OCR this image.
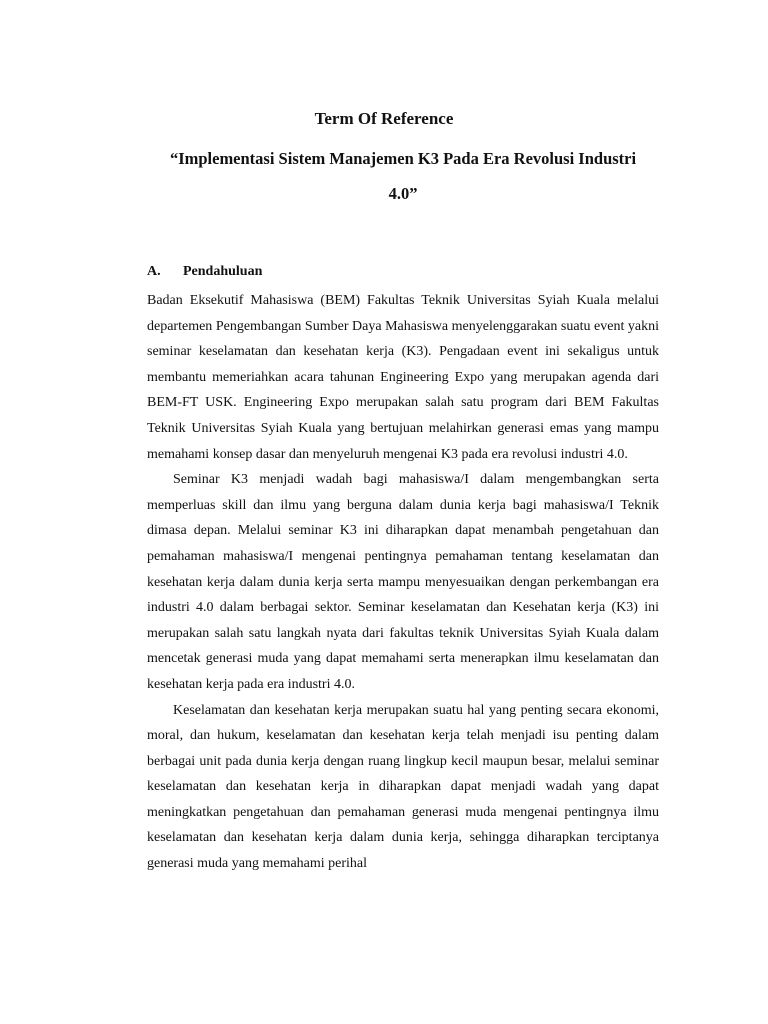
Term Of Reference
“Implementasi Sistem Manajemen K3 Pada Era Revolusi Industri
4.0”
A. Pendahuluan

Badan Eksekutif Mahasiswa (BEM) Fakultas Teknik Universitas Syiah Kuala melalui departemen Pengembangan Sumber Daya Mahasiswa menyelenggarakan suatu event yakni seminar keselamatan dan kesehatan kerja (K3). Pengadaan event ini sekaligus untuk membantu memeriahkan acara tahunan Engineering Expo yang merupakan agenda dari BEM-FT USK. Engineering Expo merupakan salah satu program dari BEM Fakultas Teknik Universitas Syiah Kuala yang bertujuan melahirkan generasi emas yang mampu memahami konsep dasar dan menyeluruh mengenai K3 pada era revolusi industri 4.0.

Seminar K3 menjadi wadah bagi mahasiswa/I dalam mengembangkan serta memperluas skill dan ilmu yang berguna dalam dunia kerja bagi mahasiswa/I Teknik dimasa depan. Melalui seminar K3 ini diharapkan dapat menambah pengetahuan dan pemahaman mahasiswa/I mengenai pentingnya pemahaman tentang keselamatan dan kesehatan kerja dalam dunia kerja serta mampu menyesuaikan dengan perkembangan era industri 4.0 dalam berbagai sektor. Seminar keselamatan dan Kesehatan kerja (K3) ini merupakan salah satu langkah nyata dari fakultas teknik Universitas Syiah Kuala dalam mencetak generasi muda yang dapat memahami serta menerapkan ilmu keselamatan dan kesehatan kerja pada era industri 4.0.

Keselamatan dan kesehatan kerja merupakan suatu hal yang penting secara ekonomi, moral, dan hukum, keselamatan dan kesehatan kerja telah menjadi isu penting dalam berbagai unit pada dunia kerja dengan ruang lingkup kecil maupun besar, melalui seminar keselamatan dan kesehatan kerja in diharapkan dapat menjadi wadah yang dapat meningkatkan pengetahuan dan pemahaman generasi muda mengenai pentingnya ilmu keselamatan dan kesehatan kerja dalam dunia kerja, sehingga diharapkan terciptanya generasi muda yang memahami perihal
